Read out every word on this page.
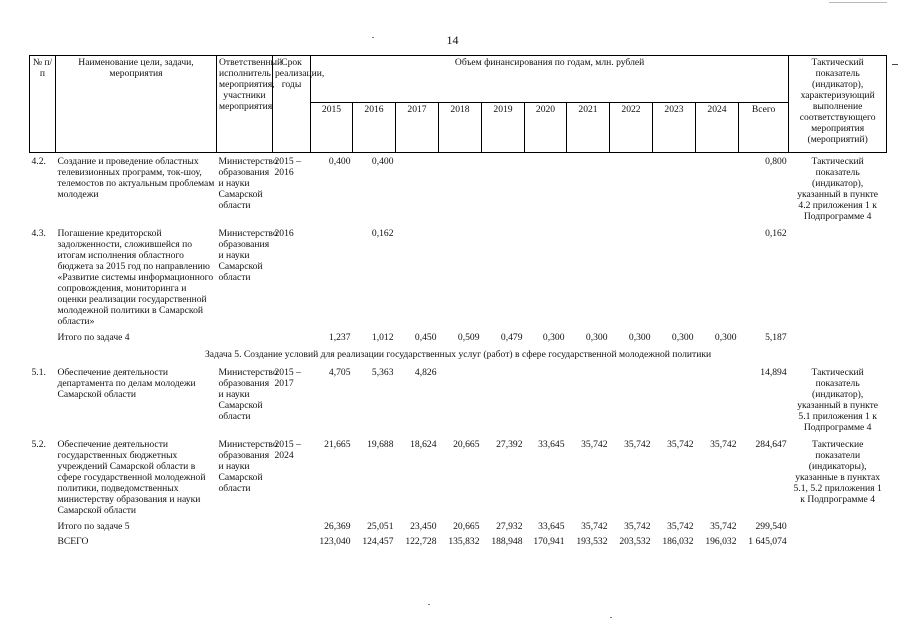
14
№ п/п	Наименование цели, задачи, мероприятия	Ответственный исполнитель мероприятия, участники мероприятия	Срок реализации, годы	Объем финансирования по годам, млн. рублей											Тактический показатель (индикатор), характеризующий выполнение соответствующего мероприятия (мероприятий)
				2015	2016	2017	2018	2019	2020	2021	2022	2023	2024	Всего	
4.2.	Создание и проведение областных телевизионных программ, ток-шоу, телемостов по актуальным проблемам молодежи	Министерство образования и науки Самарской области	2015 – 2016	0,400	0,400									0,800	Тактический показатель (индикатор), указанный в пункте 4.2 приложения 1 к Подпрограмме 4
4.3.	Погашение кредиторской задолженности, сложившейся по итогам исполнения областного бюджета за 2015 год по направлению «Развитие системы информационного сопровождения, мониторинга и оценки реализации государственной молодежной политики в Самарской области»	Министерство образования и науки Самарской области	2016		0,162									0,162	
	Итого по задаче 4			1,237	1,012	0,450	0,509	0,479	0,300	0,300	0,300	0,300	0,300	5,187	
Задача 5. Создание условий для реализации государственных услуг (работ) в сфере государственной молодежной политики															
5.1.	Обеспечение деятельности департамента по делам молодежи Самарской области	Министерство образования и науки Самарской области	2015 – 2017	4,705	5,363	4,826								14,894	Тактический показатель (индикатор), указанный в пункте 5.1 приложения 1 к Подпрограмме 4
5.2.	Обеспечение деятельности государственных бюджетных учреждений Самарской области в сфере государственной молодежной политики, подведомственных министерству образования и науки Самарской области	Министерство образования и науки Самарской области	2015 – 2024	21,665	19,688	18,624	20,665	27,392	33,645	35,742	35,742	35,742	35,742	284,647	Тактические показатели (индикаторы), указанные в пунктах 5.1, 5.2 приложения 1 к Подпрограмме 4
	Итого по задаче 5			26,369	25,051	23,450	20,665	27,932	33,645	35,742	35,742	35,742	35,742	299,540	
	ВСЕГО			123,040	124,457	122,728	135,832	188,948	170,941	193,532	203,532	186,032	196,032	1 645,074	
